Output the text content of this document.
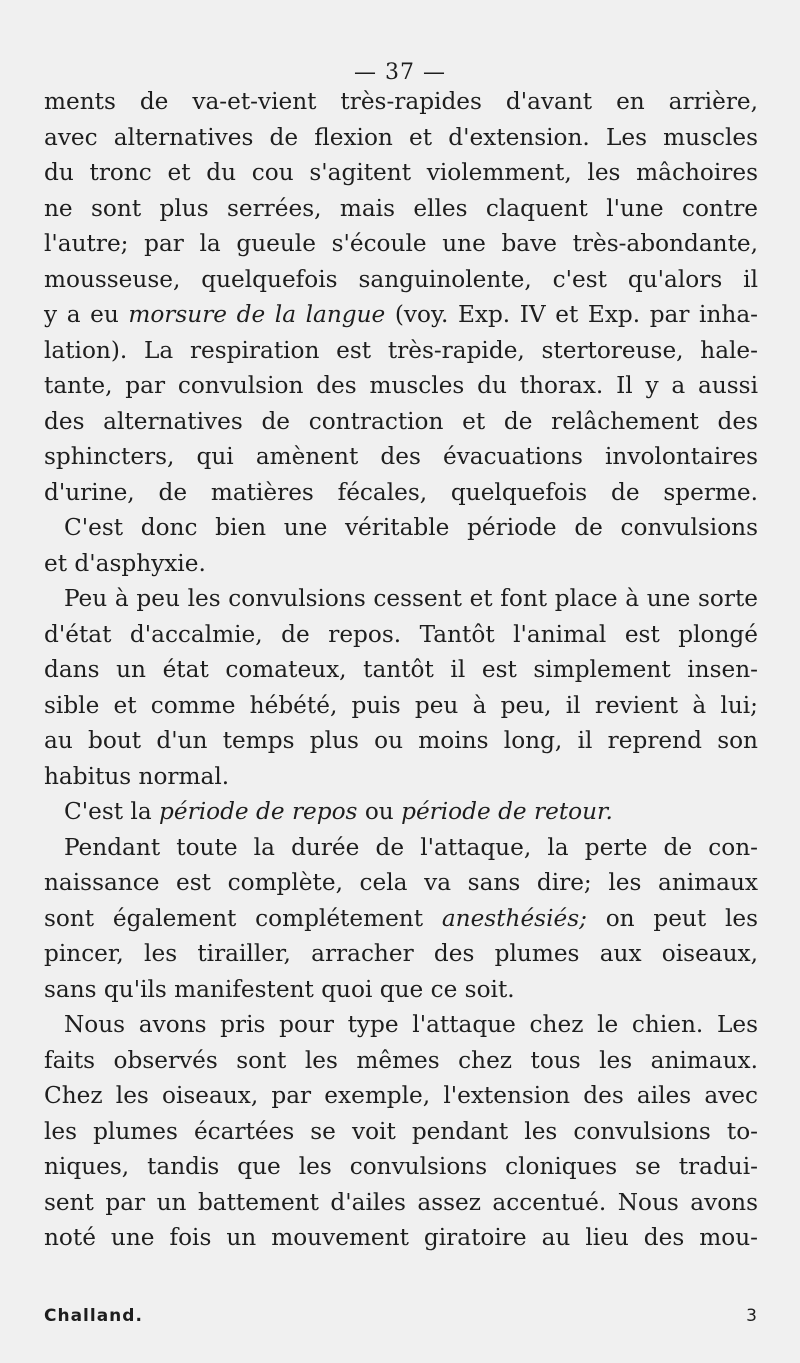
— 37 —
ments de va-et-vient très-rapides d'avant en arrière,
avec alternatives de flexion et d'extension. Les muscles
du tronc et du cou s'agitent violemment, les mâchoires
ne sont plus serrées, mais elles claquent l'une contre
l'autre; par la gueule s'écoule une bave très-abondante,
mousseuse, quelquefois sanguinolente, c'est qu'alors il
y a eu morsure de la langue (voy. Exp. IV et Exp. par inha-
lation). La respiration est très-rapide, stertoreuse, hale-
tante, par convulsion des muscles du thorax. Il y a aussi
des alternatives de contraction et de relâchement des
sphincters, qui amènent des évacuations involontaires
d'urine, de matières fécales, quelquefois de sperme.
C'est donc bien une véritable période de convulsions
et d'asphyxie.
Peu à peu les convulsions cessent et font place à une sorte
d'état d'accalmie, de repos. Tantôt l'animal est plongé
dans un état comateux, tantôt il est simplement insen-
sible et comme hébété, puis peu à peu, il revient à lui;
au bout d'un temps plus ou moins long, il reprend son
habitus normal.
C'est la période de repos ou période de retour.
Pendant toute la durée de l'attaque, la perte de con-
naissance est complète, cela va sans dire; les animaux
sont également complétement anesthésiés; on peut les
pincer, les tirailler, arracher des plumes aux oiseaux,
sans qu'ils manifestent quoi que ce soit.
Nous avons pris pour type l'attaque chez le chien. Les
faits observés sont les mêmes chez tous les animaux.
Chez les oiseaux, par exemple, l'extension des ailes avec
les plumes écartées se voit pendant les convulsions to-
niques, tandis que les convulsions cloniques se tradui-
sent par un battement d'ailes assez accentué. Nous avons
noté une fois un mouvement giratoire au lieu des mou-
Challand.	3
